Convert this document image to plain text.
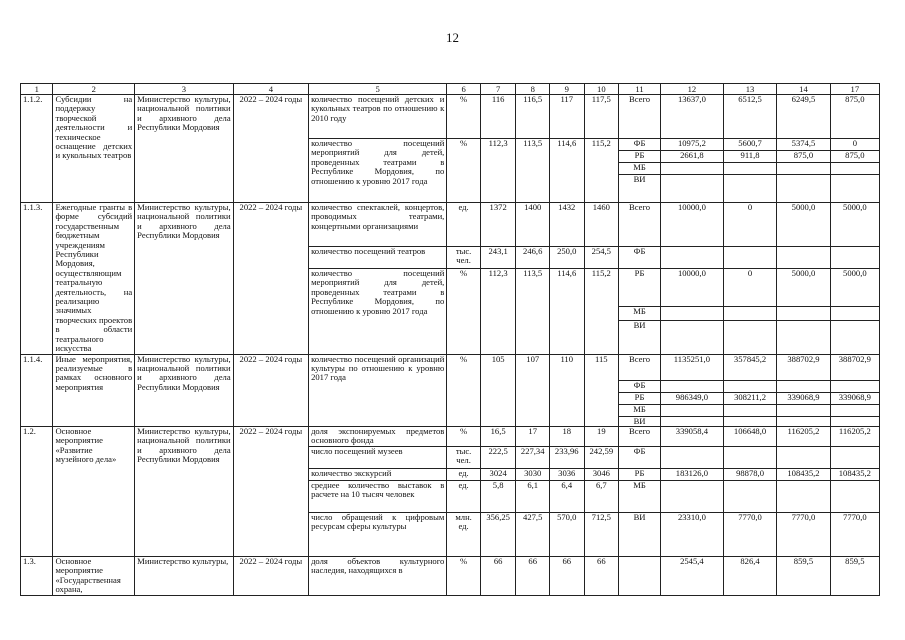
12
1	2	3	4	5	6	7	8	9	10	11	12	13	14	17
1.1.2.	Субсидии на поддержку творческой деятельности и техническое оснащение детских и кукольных театров	Министерство культуры, национальной политики и архивного дела Республики Мордовия	2022 – 2024 годы	количество посещений детских и кукольных театров по отношению к 2010 году	%	116	116,5	117	117,5	Всего	13637,0	6512,5	6249,5	875,0
				количество посещений мероприятий для детей, проведенных театрами в Республике Мордовия, по отношению к уровню 2017 года	%	112,3	113,5	114,6	115,2	ФБ	10975,2	5600,7	5374,5	0
										РБ	2661,8	911,8	875,0	875,0
										МБ				
										ВИ				
1.1.3.	Ежегодные гранты в форме субсидий государственным бюджетным учреждениям Республики Мордовия, осуществляющим театральную деятельность, на реализацию значимых творческих проектов в области театрального искусства	Министерство культуры, национальной политики и архивного дела Республики Мордовия	2022 – 2024 годы	количество спектаклей, концертов, проводимых театрами, концертными организациями	ед.	1372	1400	1432	1460	Всего	10000,0	0	5000,0	5000,0
				количество посещений театров	тыс. чел.	243,1	246,6	250,0	254,5	ФБ				
				количество посещений мероприятий для детей, проведенных театрами в Республике Мордовия, по отношению к уровню 2017 года	%	112,3	113,5	114,6	115,2	РБ	10000,0	0	5000,0	5000,0
										МБ				
										ВИ				
1.1.4.	Иные мероприятия, реализуемые в рамках основного мероприятия	Министерство культуры, национальной политики и архивного дела Республики Мордовия	2022 – 2024 годы	количество посещений организаций культуры по отношению к уровню 2017 года	%	105	107	110	115	Всего	1135251,0	357845,2	388702,9	388702,9
										ФБ				
										РБ	986349,0	308211,2	339068,9	339068,9
										МБ				
										ВИ				
1.2.	Основное мероприятие «Развитие музейного дела»	Министерство культуры, национальной политики и архивного дела Республики Мордовия	2022 – 2024 годы	доля экспонируемых предметов основного фонда	%	16,5	17	18	19	Всего	339058,4	106648,0	116205,2	116205,2
				число посещений музеев	тыс. чел.	222,5	227,34	233,96	242,59	ФБ				
				количество экскурсий	ед.	3024	3030	3036	3046	РБ	183126,0	98878,0	108435,2	108435,2
				среднее количество выставок в расчете на 10 тысяч человек	ед.	5,8	6,1	6,4	6,7	МБ				
				число обращений к цифровым ресурсам сферы культуры	млн. ед.	356,25	427,5	570,0	712,5	ВИ	23310,0	7770,0	7770,0	7770,0
1.3.	Основное мероприятие «Государственная охрана,	Министерство культуры,	2022 – 2024 годы	доля объектов культурного наследия, находящихся в	%	66	66	66	66		2545,4	826,4	859,5	859,5
